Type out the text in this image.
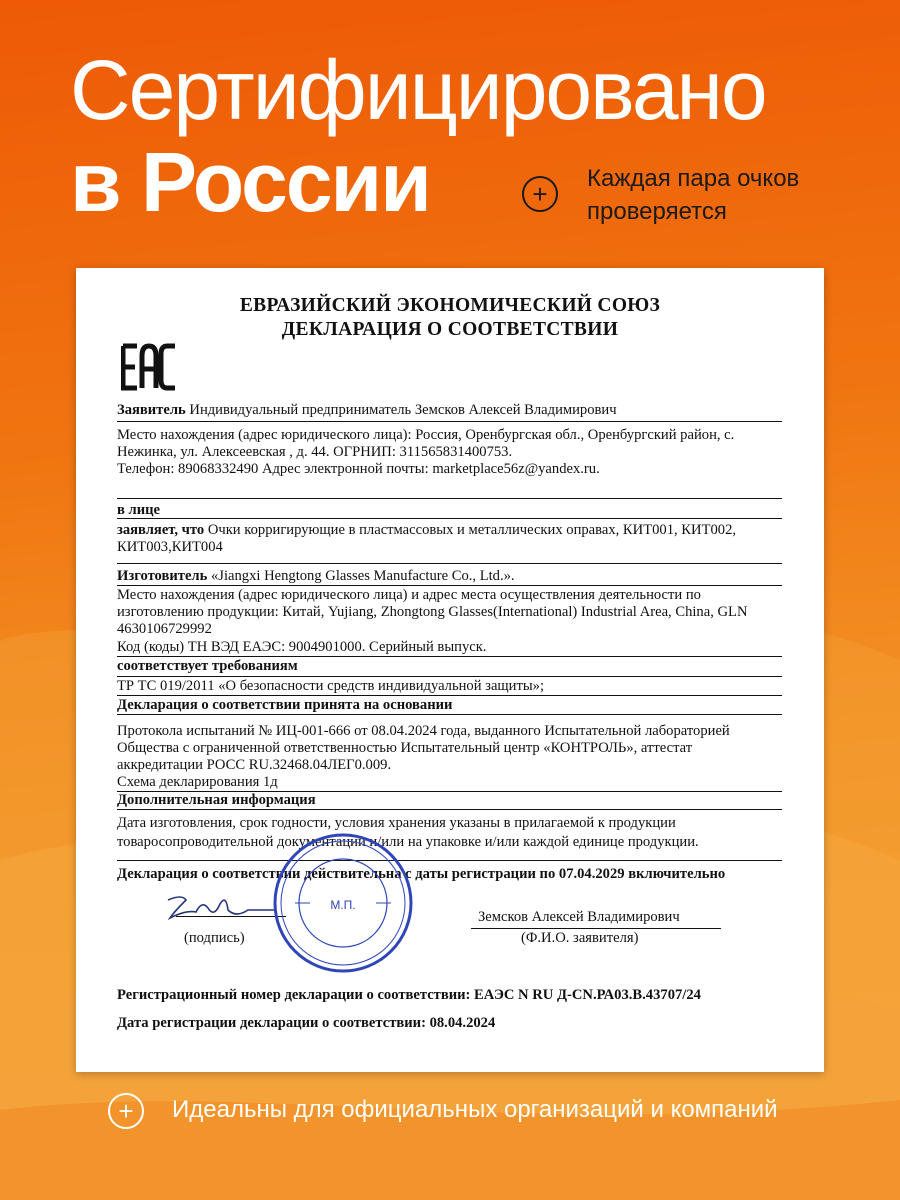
Сертифицировано
в России	+
Каждая пара очков проверяется
ЕВРАЗИЙСКИЙ ЭКОНОМИЧЕСКИЙ СОЮЗ
ДЕКЛАРАЦИЯ О СООТВЕТСТВИИ
Заявитель Индивидуальный предприниматель Земсков Алексей Владимирович
Место нахождения (адрес юридического лица): Россия, Оренбургская обл., Оренбургский район, с.
Нежинка, ул. Алексеевская , д. 44. ОГРНИП: 311565831400753.
Телефон: 89068332490 Адрес электронной почты: marketplace56z@yandex.ru.
в лице
заявляет, что Очки корригирующие в пластмассовых и металлических оправах, КИТ001, КИТ002,
КИТ003,КИТ004
Изготовитель «Jiangxi Hengtong Glasses Manufacture Co., Ltd.».
Место нахождения (адрес юридического лица) и адрес места осуществления деятельности по
изготовлению продукции: Китай, Yujiang, Zhongtong Glasses(International) Industrial Area, China, GLN
4630106729992
Код (коды) ТН ВЭД ЕАЭС: 9004901000. Серийный выпуск.
соответствует требованиям
ТР ТС 019/2011 «О безопасности средств индивидуальной защиты»;
Декларация о соответствии принята на основании
Протокола испытаний № ИЦ-001-666 от 08.04.2024 года, выданного Испытательной лабораторией
Общества с ограниченной ответственностью Испытательный центр «КОНТРОЛЬ», аттестат
аккредитации РОСС RU.32468.04ЛЕГ0.009.
Схема декларирования 1д
Дополнительная информация
Дата изготовления, срок годности, условия хранения указаны в прилагаемой к продукции
товаросопроводительной документации и/или на упаковке и/или каждой единице продукции.
Декларация о соответствии действительна с даты регистрации по 07.04.2029 включительно
(подпись)
Земсков Алексей Владимирович
(Ф.И.О. заявителя)
М.П.
Регистрационный номер декларации о соответствии: ЕАЭС N RU Д-CN.РА03.В.43707/24
Дата регистрации декларации о соответствии: 08.04.2024
+	Идеальны для официальных организаций и компаний
